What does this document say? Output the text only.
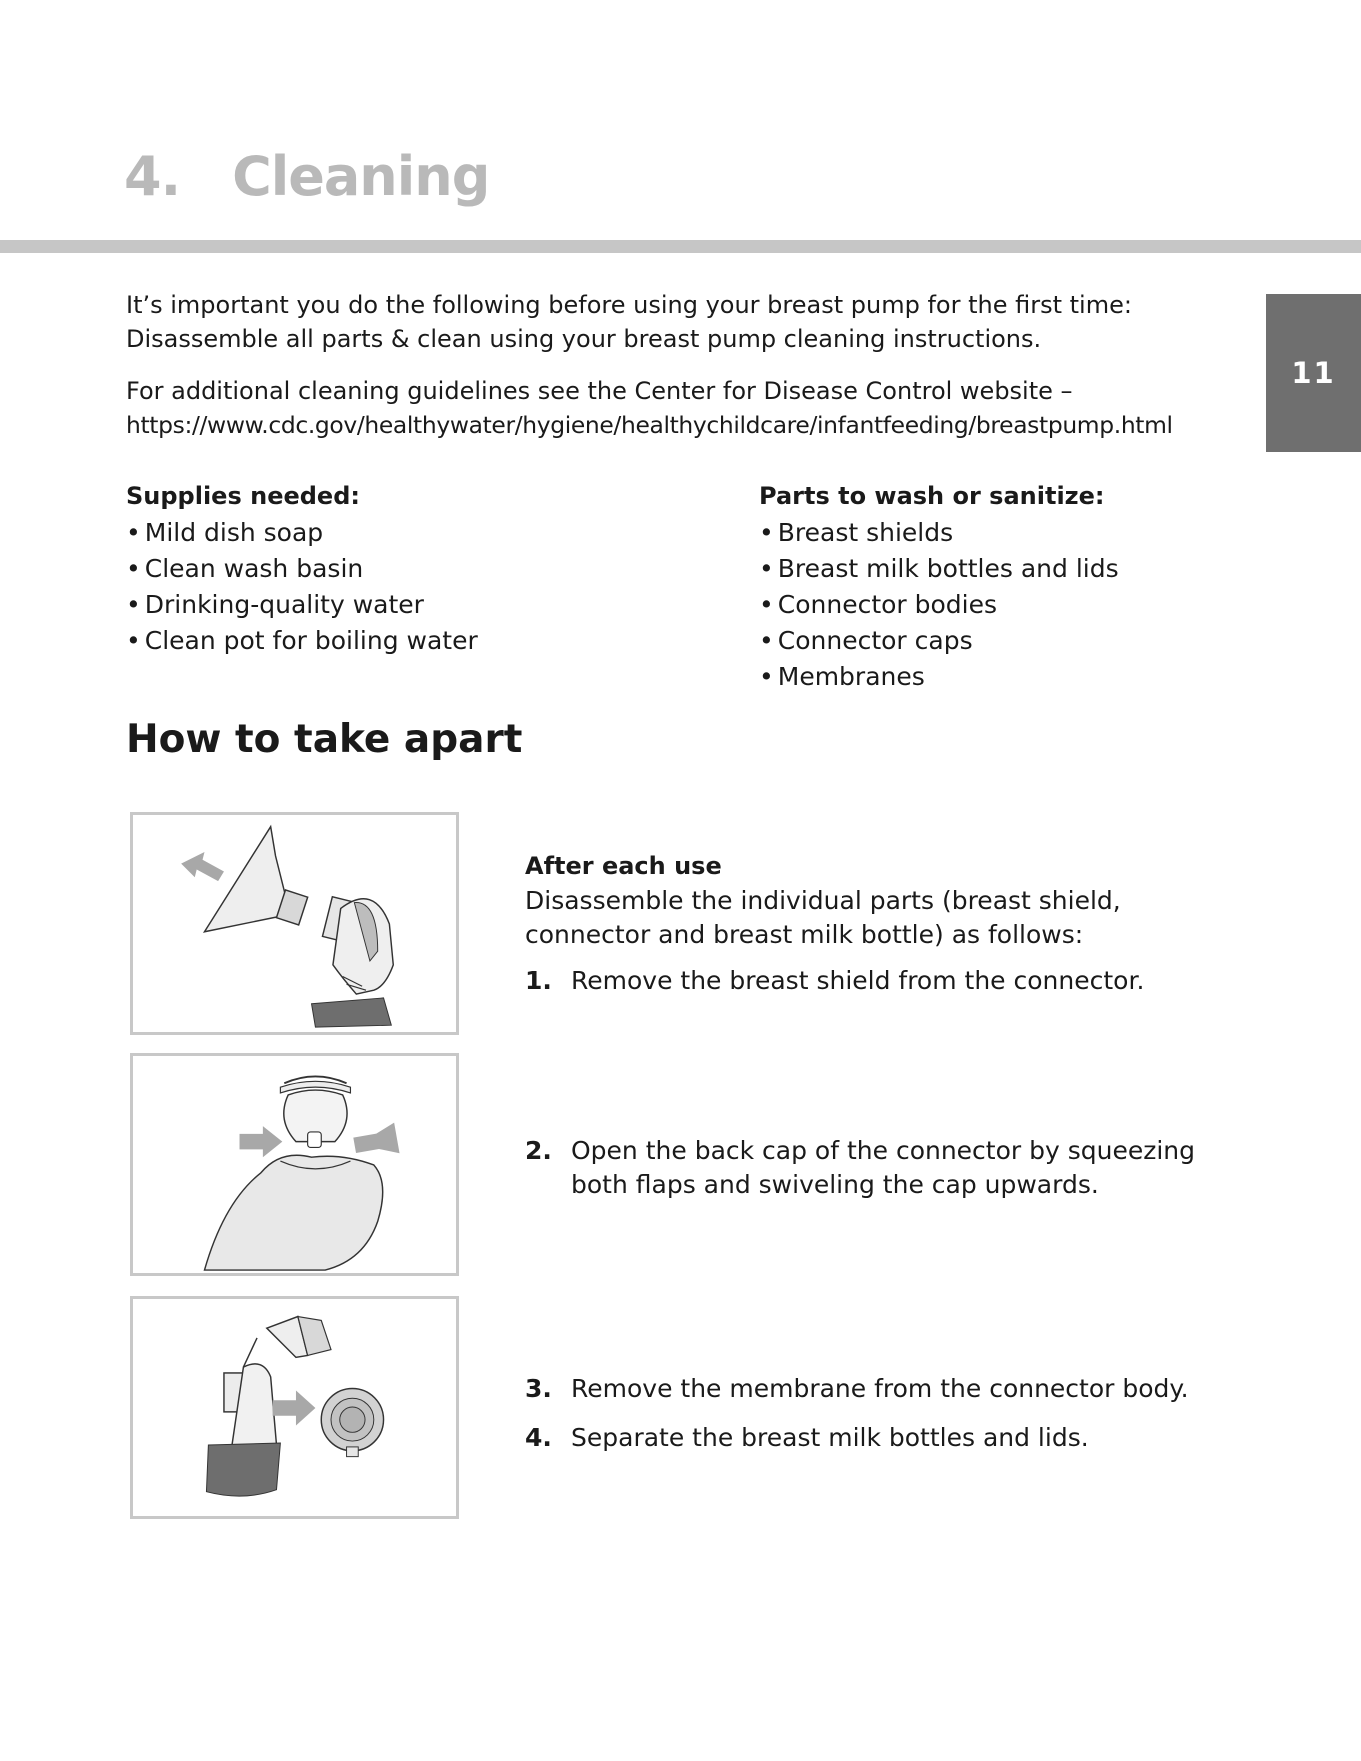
4. Cleaning
11

It’s important you do the following before using your breast pump for the first time:
Disassemble all parts & clean using your breast pump cleaning instructions.

For additional cleaning guidelines see the Center for Disease Control website –
https://www.cdc.gov/healthywater/hygiene/healthychildcare/infantfeeding/breastpump.html

Supplies needed:
• Mild dish soap
• Clean wash basin
• Drinking-quality water
• Clean pot for boiling water
Parts to wash or sanitize:
• Breast shields
• Breast milk bottles and lids
• Connector bodies
• Connector caps
• Membranes
How to take apart
After each use

Disassemble the individual parts (breast shield, connector and breast milk bottle) as follows:

1. Remove the breast shield from the connector.
2. Open the back cap of the connector by squeezing both flaps and swiveling the cap upwards.
3. Remove the membrane from the connector body.
4. Separate the breast milk bottles and lids.
